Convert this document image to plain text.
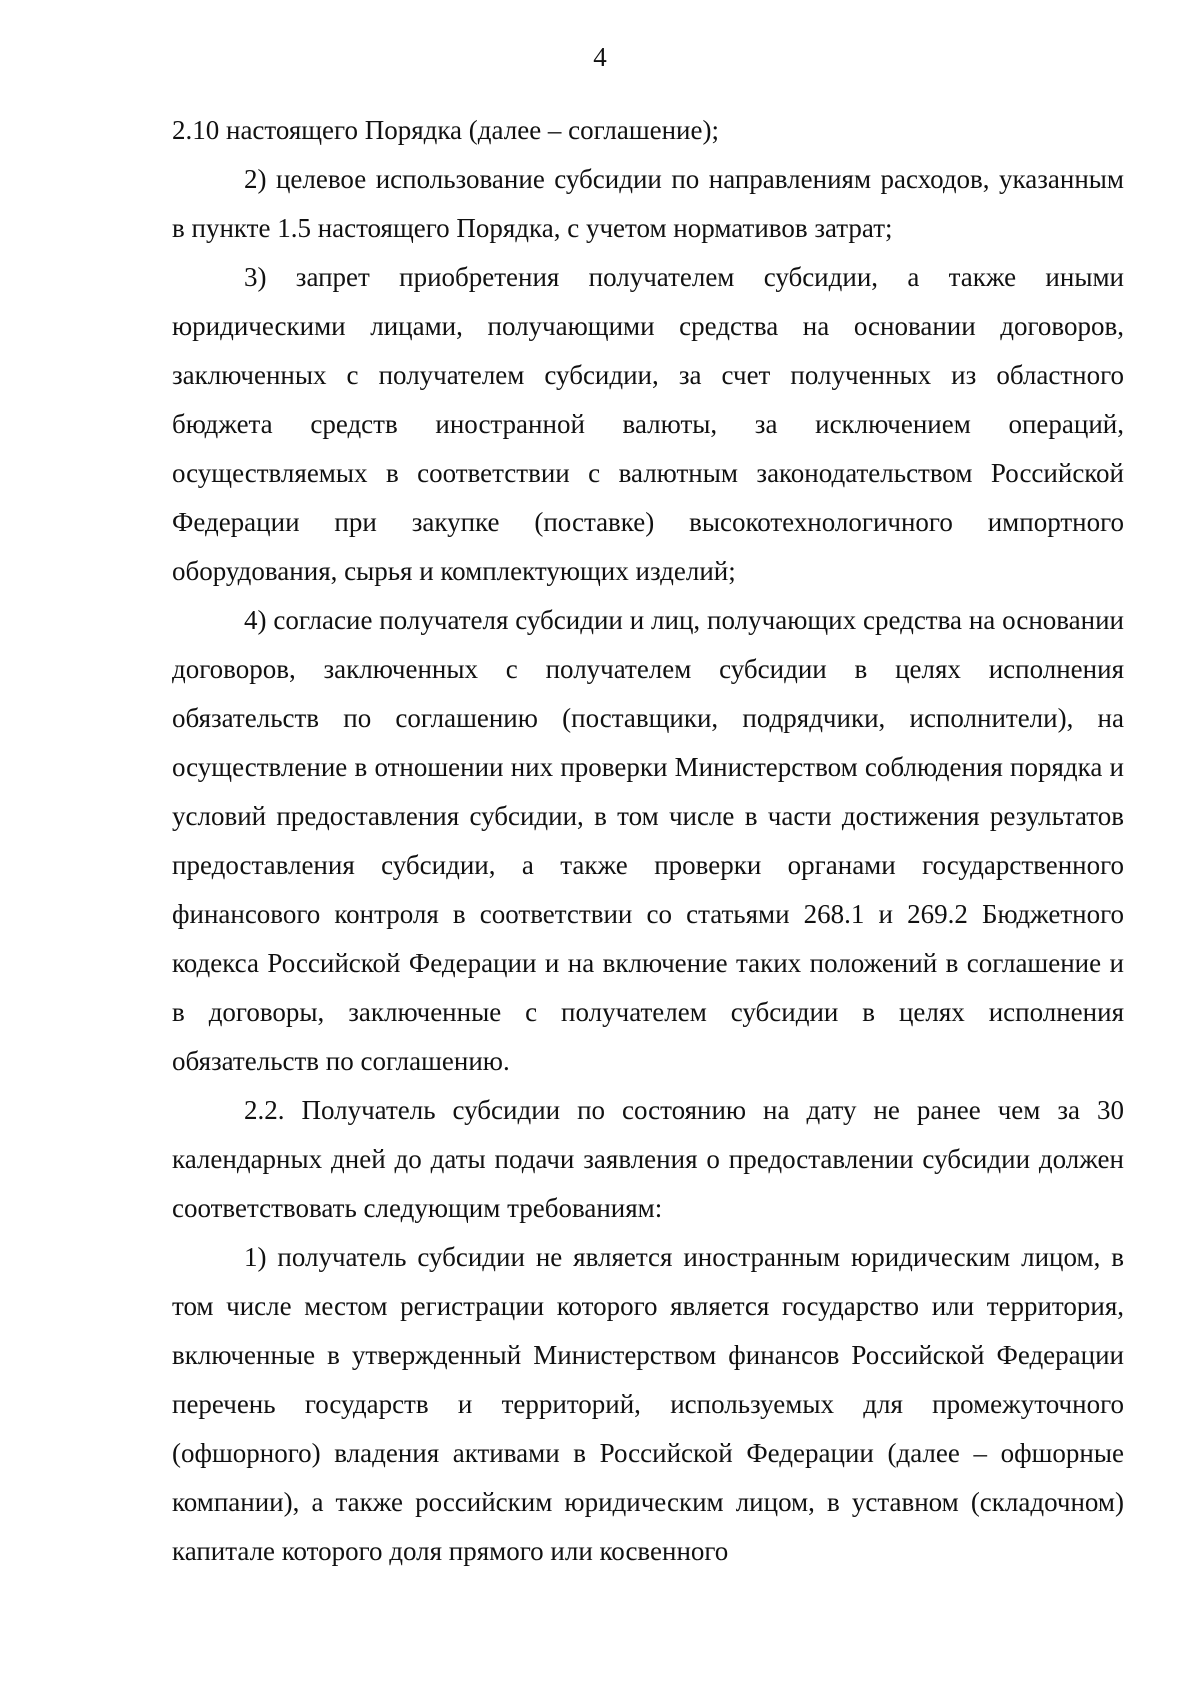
4

2.10 настоящего Порядка (далее – соглашение);

2) целевое использование субсидии по направлениям расходов, указанным в пункте 1.5 настоящего Порядка, с учетом нормативов затрат;

3) запрет приобретения получателем субсидии, а также иными юридическими лицами, получающими средства на основании договоров, заключенных с получателем субсидии, за счет полученных из областного бюджета средств иностранной валюты, за исключением операций, осуществляемых в соответствии с валютным законодательством Российской Федерации при закупке (поставке) высокотехнологичного импортного оборудования, сырья и комплектующих изделий;

4) согласие получателя субсидии и лиц, получающих средства на основании договоров, заключенных с получателем субсидии в целях исполнения обязательств по соглашению (поставщики, подрядчики, исполнители), на осуществление в отношении них проверки Министерством соблюдения порядка и условий предоставления субсидии, в том числе в части достижения результатов предоставления субсидии, а также проверки органами государственного финансового контроля в соответствии со статьями 268.1 и 269.2 Бюджетного кодекса Российской Федерации и на включение таких положений в соглашение и в договоры, заключенные с получателем субсидии в целях исполнения обязательств по соглашению.

2.2. Получатель субсидии по состоянию на дату не ранее чем за 30 календарных дней до даты подачи заявления о предоставлении субсидии должен соответствовать следующим требованиям:

1) получатель субсидии не является иностранным юридическим лицом, в том числе местом регистрации которого является государство или территория, включенные в утвержденный Министерством финансов Российской Федерации перечень государств и территорий, используемых для промежуточного (офшорного) владения активами в Российской Федерации (далее – офшорные компании), а также российским юридическим лицом, в уставном (складочном) капитале которого доля прямого или косвенного
